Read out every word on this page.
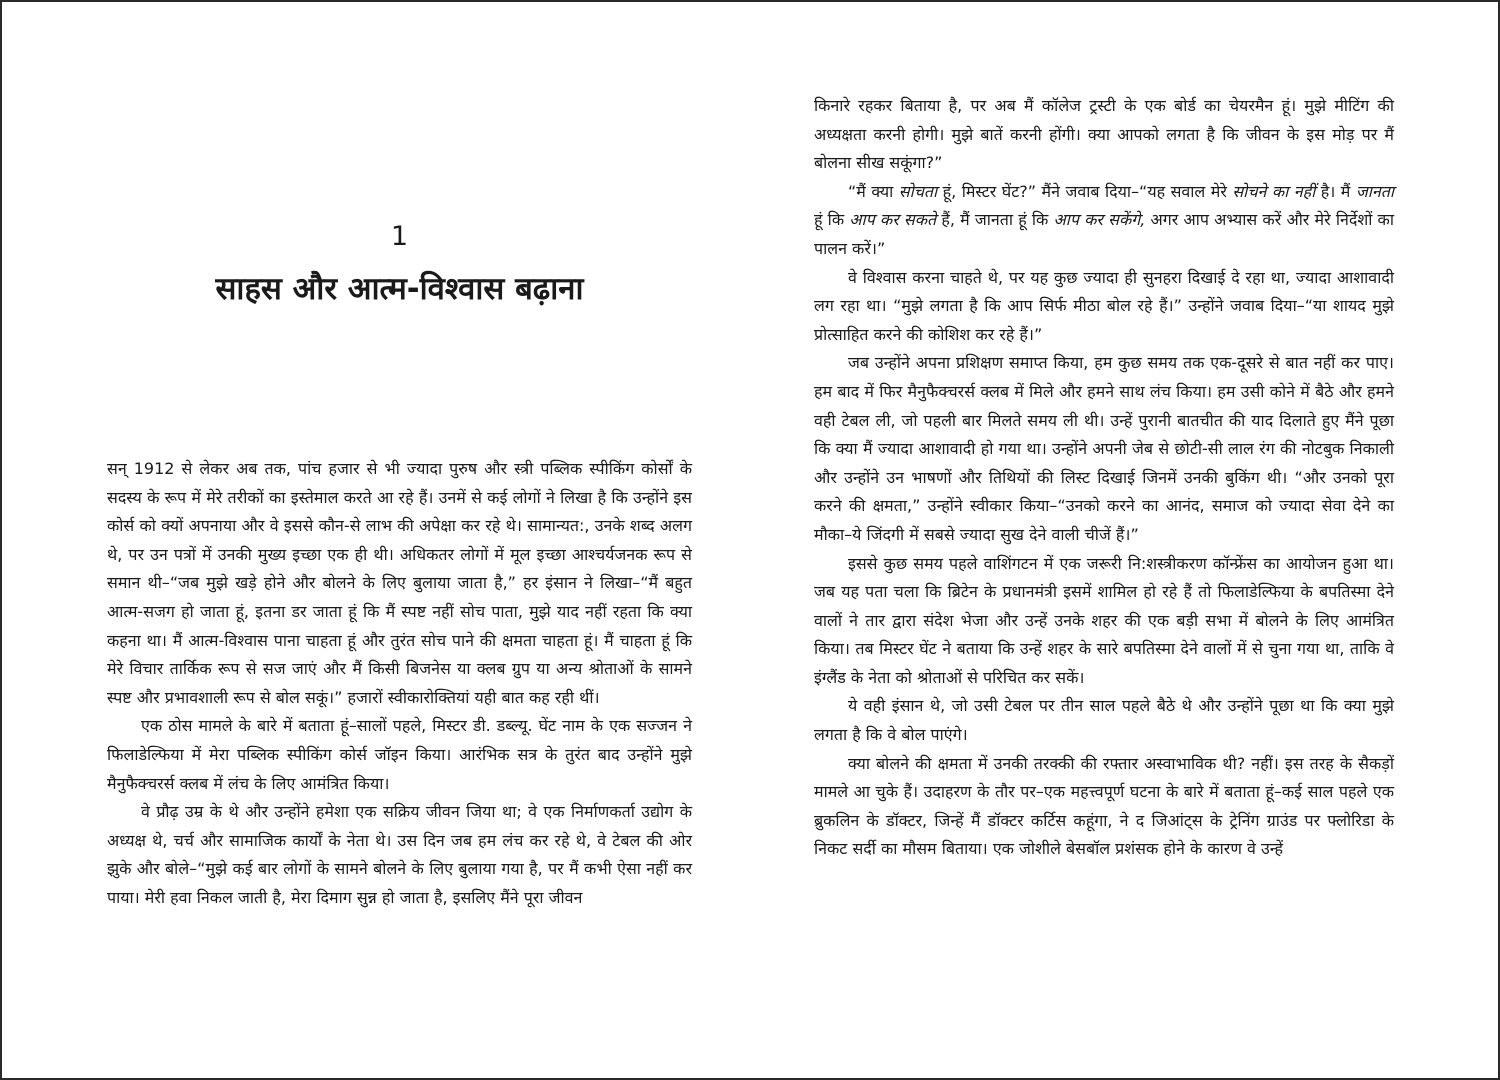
1
साहस और आत्म-विश्वास बढ़ाना

सन् 1912 से लेकर अब तक, पांच हजार से भी ज्यादा पुरुष और स्त्री पब्लिक स्पीकिंग कोर्सों के सदस्य के रूप में मेरे तरीकों का इस्तेमाल करते आ रहे हैं। उनमें से कई लोगों ने लिखा है कि उन्होंने इस कोर्स को क्यों अपनाया और वे इससे कौन-से लाभ की अपेक्षा कर रहे थे। सामान्यत:, उनके शब्द अलग थे, पर उन पत्रों में उनकी मुख्य इच्छा एक ही थी। अधिकतर लोगों में मूल इच्छा आश्चर्यजनक रूप से समान थी–“जब मुझे खड़े होने और बोलने के लिए बुलाया जाता है,” हर इंसान ने लिखा–“मैं बहुत आत्म-सजग हो जाता हूं, इतना डर जाता हूं कि मैं स्पष्ट नहीं सोच पाता, मुझे याद नहीं रहता कि क्या कहना था। मैं आत्म-विश्वास पाना चाहता हूं और तुरंत सोच पाने की क्षमता चाहता हूं। मैं चाहता हूं कि मेरे विचार तार्किक रूप से सज जाएं और मैं किसी बिजनेस या क्लब ग्रुप या अन्य श्रोताओं के सामने स्पष्ट और प्रभावशाली रूप से बोल सकूं।” हजारों स्वीकारोक्तियां यही बात कह रही थीं।

एक ठोस मामले के बारे में बताता हूं–सालों पहले, मिस्टर डी. डब्ल्यू. घेंट नाम के एक सज्जन ने फिलाडेल्फिया में मेरा पब्लिक स्पीकिंग कोर्स जॉइन किया। आरंभिक सत्र के तुरंत बाद उन्होंने मुझे मैनुफैक्चरर्स क्लब में लंच के लिए आमंत्रित किया।

वे प्रौढ़ उम्र के थे और उन्होंने हमेशा एक सक्रिय जीवन जिया था; वे एक निर्माणकर्ता उद्योग के अध्यक्ष थे, चर्च और सामाजिक कार्यों के नेता थे। उस दिन जब हम लंच कर रहे थे, वे टेबल की ओर झुके और बोले–“मुझे कई बार लोगों के सामने बोलने के लिए बुलाया गया है, पर मैं कभी ऐसा नहीं कर पाया। मेरी हवा निकल जाती है, मेरा दिमाग सुन्न हो जाता है, इसलिए मैंने पूरा जीवन

किनारे रहकर बिताया है, पर अब मैं कॉलेज ट्रस्टी के एक बोर्ड का चेयरमैन हूं। मुझे मीटिंग की अध्यक्षता करनी होगी। मुझे बातें करनी होंगी। क्या आपको लगता है कि जीवन के इस मोड़ पर मैं बोलना सीख सकूंगा?”

“मैं क्या सोचता हूं, मिस्टर घेंट?” मैंने जवाब दिया–“यह सवाल मेरे सोचने का नहीं है। मैं जानता हूं कि आप कर सकते हैं, मैं जानता हूं कि आप कर सकेंगे, अगर आप अभ्यास करें और मेरे निर्देशों का पालन करें।”

वे विश्वास करना चाहते थे, पर यह कुछ ज्यादा ही सुनहरा दिखाई दे रहा था, ज्यादा आशावादी लग रहा था। “मुझे लगता है कि आप सिर्फ मीठा बोल रहे हैं।” उन्होंने जवाब दिया–“या शायद मुझे प्रोत्साहित करने की कोशिश कर रहे हैं।”

जब उन्होंने अपना प्रशिक्षण समाप्त किया, हम कुछ समय तक एक-दूसरे से बात नहीं कर पाए। हम बाद में फिर मैनुफैक्चरर्स क्लब में मिले और हमने साथ लंच किया। हम उसी कोने में बैठे और हमने वही टेबल ली, जो पहली बार मिलते समय ली थी। उन्हें पुरानी बातचीत की याद दिलाते हुए मैंने पूछा कि क्या मैं ज्यादा आशावादी हो गया था। उन्होंने अपनी जेब से छोटी-सी लाल रंग की नोटबुक निकाली और उन्होंने उन भाषणों और तिथियों की लिस्ट दिखाई जिनमें उनकी बुकिंग थी। “और उनको पूरा करने की क्षमता,” उन्होंने स्वीकार किया–“उनको करने का आनंद, समाज को ज्यादा सेवा देने का मौका–ये जिंदगी में सबसे ज्यादा सुख देने वाली चीजें हैं।”

इससे कुछ समय पहले वाशिंगटन में एक जरूरी नि:शस्त्रीकरण कॉन्फ्रेंस का आयोजन हुआ था। जब यह पता चला कि ब्रिटेन के प्रधानमंत्री इसमें शामिल हो रहे हैं तो फिलाडेल्फिया के बपतिस्मा देने वालों ने तार द्वारा संदेश भेजा और उन्हें उनके शहर की एक बड़ी सभा में बोलने के लिए आमंत्रित किया। तब मिस्टर घेंट ने बताया कि उन्हें शहर के सारे बपतिस्मा देने वालों में से चुना गया था, ताकि वे इंग्लैंड के नेता को श्रोताओं से परिचित कर सकें।

ये वही इंसान थे, जो उसी टेबल पर तीन साल पहले बैठे थे और उन्होंने पूछा था कि क्या मुझे लगता है कि वे बोल पाएंगे।

क्या बोलने की क्षमता में उनकी तरक्की की रफ्तार अस्वाभाविक थी? नहीं। इस तरह के सैकड़ों मामले आ चुके हैं। उदाहरण के तौर पर–एक महत्त्वपूर्ण घटना के बारे में बताता हूं–कई साल पहले एक ब्रुकलिन के डॉक्टर, जिन्हें मैं डॉक्टर कर्टिस कहूंगा, ने द जिआंट्स के ट्रेनिंग ग्राउंड पर फ्लोरिडा के निकट सर्दी का मौसम बिताया। एक जोशीले बेसबॉल प्रशंसक होने के कारण वे उन्हें
